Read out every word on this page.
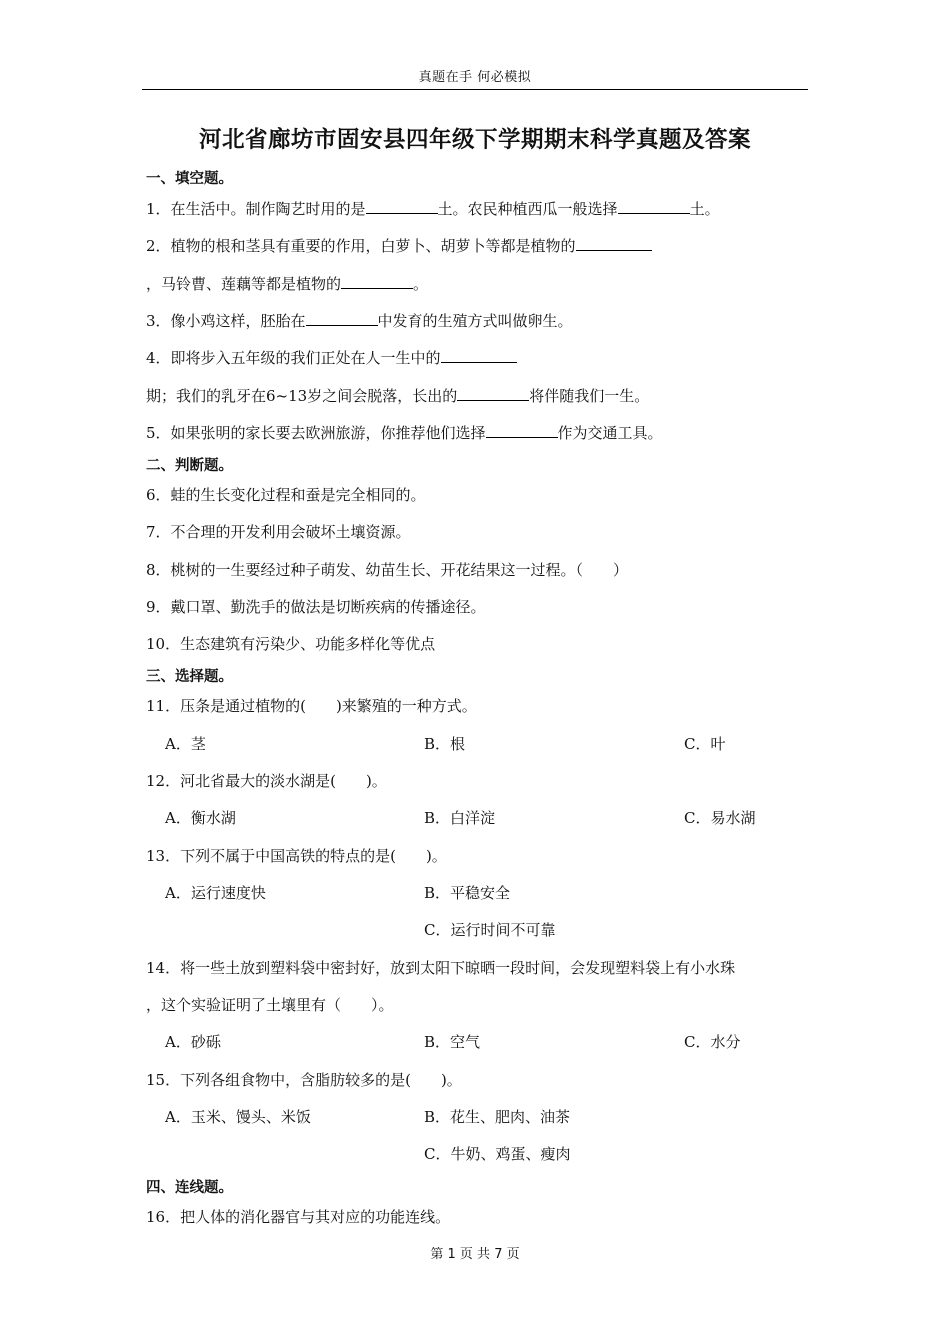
真题在手 何必模拟
河北省廊坊市固安县四年级下学期期末科学真题及答案
一、填空题。
1．在生活中。制作陶艺时用的是	土。农民种植西瓜一般选择	土。
2．植物的根和茎具有重要的作用，白萝卜、胡萝卜等都是植物的
，马铃曹、莲藕等都是植物的	。
3．像小鸡这样，胚胎在	中发育的生殖方式叫做卵生。
4．即将步入五年级的我们正处在人一生中的
期；我们的乳牙在6~13岁之间会脱落，长出的	将伴随我们一生。
5．如果张明的家长要去欧洲旅游，你推荐他们选择	作为交通工具。
二、判断题。
6．蛙的生长变化过程和蚕是完全相同的。
7．不合理的开发利用会破坏土壤资源。
8．桃树的一生要经过种子萌发、幼苗生长、开花结果这一过程。（　　）
9．戴口罩、勤洗手的做法是切断疾病的传播途径。
10．生态建筑有污染少、功能多样化等优点
三、选择题。
11．压条是通过植物的(　　)来繁殖的一种方式。
A．茎	B．根	C．叶
12．河北省最大的淡水湖是(　　)。
A．衡水湖	B．白洋淀	C．易水湖
13．下列不属于中国高铁的特点的是(　　)。
A．运行速度快	B．平稳安全
C．运行时间不可靠
14．将一些土放到塑料袋中密封好，放到太阳下晾晒一段时间，会发现塑料袋上有小水珠
，这个实验证明了土壤里有（　　）。
A．砂砾	B．空气	C．水分
15．下列各组食物中，含脂肪较多的是(　　)。
A．玉米、馒头、米饭	B．花生、肥肉、油茶
C．牛奶、鸡蛋、瘦肉
四、连线题。
16．把人体的消化器官与其对应的功能连线。
第 1 页 共 7 页
